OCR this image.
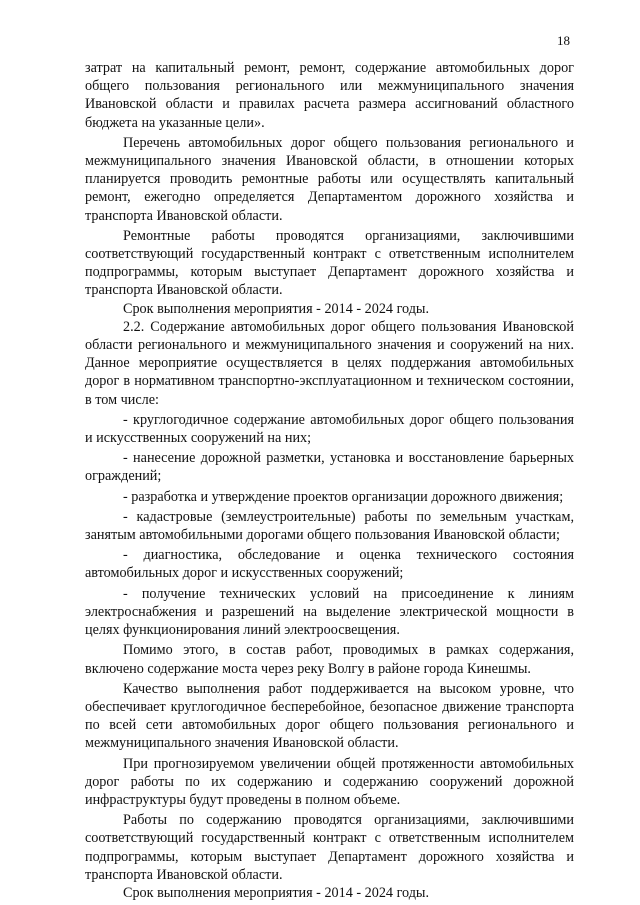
18

затрат на капитальный ремонт, ремонт, содержание автомобильных дорог общего пользования регионального или межмуниципального значения Ивановской области и правилах расчета размера ассигнований областного бюджета на указанные цели».

Перечень автомобильных дорог общего пользования регионального и межмуниципального значения Ивановской области, в отношении которых планируется проводить ремонтные работы или осуществлять капитальный ремонт, ежегодно определяется Департаментом дорожного хозяйства и транспорта Ивановской области.

Ремонтные работы проводятся организациями, заключившими соответствующий государственный контракт с ответственным исполнителем подпрограммы, которым выступает Департамент дорожного хозяйства и транспорта Ивановской области.

Срок выполнения мероприятия - 2014 - 2024 годы.

2.2. Содержание автомобильных дорог общего пользования Ивановской области регионального и межмуниципального значения и сооружений на них. Данное мероприятие осуществляется в целях поддержания автомобильных дорог в нормативном транспортно-эксплуатационном и техническом состоянии, в том числе:

- круглогодичное содержание автомобильных дорог общего пользования и искусственных сооружений на них;

- нанесение дорожной разметки, установка и восстановление барьерных ограждений;

- разработка и утверждение проектов организации дорожного движения;

- кадастровые (землеустроительные) работы по земельным участкам, занятым автомобильными дорогами общего пользования Ивановской области;

- диагностика, обследование и оценка технического состояния автомобильных дорог и искусственных сооружений;

- получение технических условий на присоединение к линиям электроснабжения и разрешений на выделение электрической мощности в целях функционирования линий электроосвещения.

Помимо этого, в состав работ, проводимых в рамках содержания, включено содержание моста через реку Волгу в районе города Кинешмы.

Качество выполнения работ поддерживается на высоком уровне, что обеспечивает круглогодичное бесперебойное, безопасное движение транспорта по всей сети автомобильных дорог общего пользования регионального и межмуниципального значения Ивановской области.

При прогнозируемом увеличении общей протяженности автомобильных дорог работы по их содержанию и содержанию сооружений дорожной инфраструктуры будут проведены в полном объеме.

Работы по содержанию проводятся организациями, заключившими соответствующий государственный контракт с ответственным исполнителем подпрограммы, которым выступает Департамент дорожного хозяйства и транспорта Ивановской области.

Срок выполнения мероприятия - 2014 - 2024 годы.
